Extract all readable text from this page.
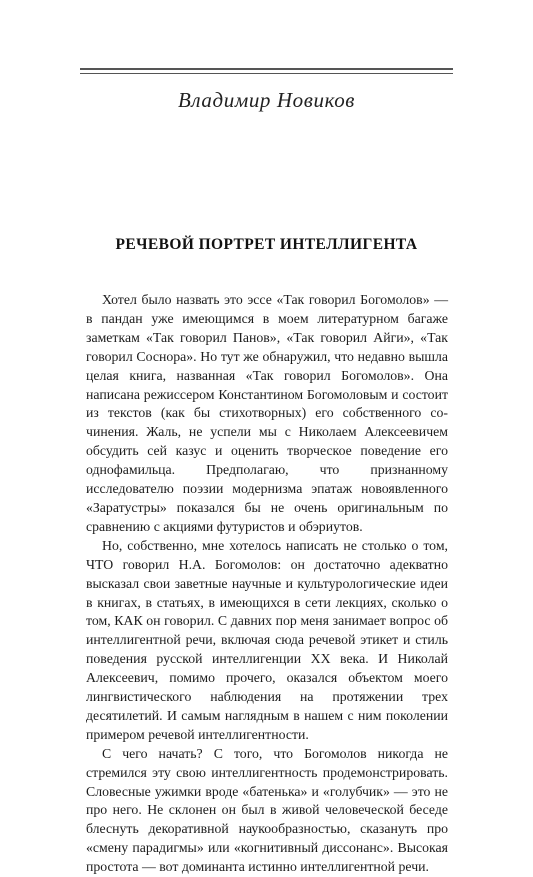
Владимир Новиков
РЕЧЕВОЙ ПОРТРЕТ ИНТЕЛЛИГЕНТА

Хотел было назвать это эссе «Так говорил Богомолов» — в пандан уже имеющимся в моем литературном багаже заметкам «Так говорил Панов», «Так говорил Айги», «Так говорил Соснора». Но тут же обнаружил, что недавно вышла целая книга, названная «Так говорил Богомолов». Она написана режиссером Константином Богомоловым и состоит из текстов (как бы стихотворных) его собственного сочинения. Жаль, не успели мы с Николаем Алексеевичем обсудить сей казус и оценить творческое поведение его однофамильца. Предполагаю, что признанному исследователю поэзии модернизма эпатаж новоявленного «Заратустры» показался бы не очень оригинальным по сравнению с акциями футуристов и обэриутов.

Но, собственно, мне хотелось написать не столько о том, ЧТО говорил Н.А. Богомолов: он достаточно адекватно высказал свои заветные научные и культурологические идеи в книгах, в статьях, в имеющихся в сети лекциях, сколько о том, КАК он говорил. С давних пор меня занимает вопрос об интеллигентной речи, включая сюда речевой этикет и стиль поведения русской интеллигенции XX века. И Николай Алексеевич, помимо прочего, оказался объектом моего лингвистического наблюдения на протяжении трех десятилетий. И самым наглядным в нашем с ним поколении примером речевой интеллигентности.

С чего начать? С того, что Богомолов никогда не стремился эту свою интеллигентность продемонстрировать. Словесные ужимки вроде «батенька» и «голубчик» — это не про него. Не склонен он был в живой человеческой беседе блеснуть декоративной наукообразностью, сказануть про «смену парадигмы» или «когнитивный диссонанс». Высокая простота — вот доминанта истинно интеллигентной речи.
